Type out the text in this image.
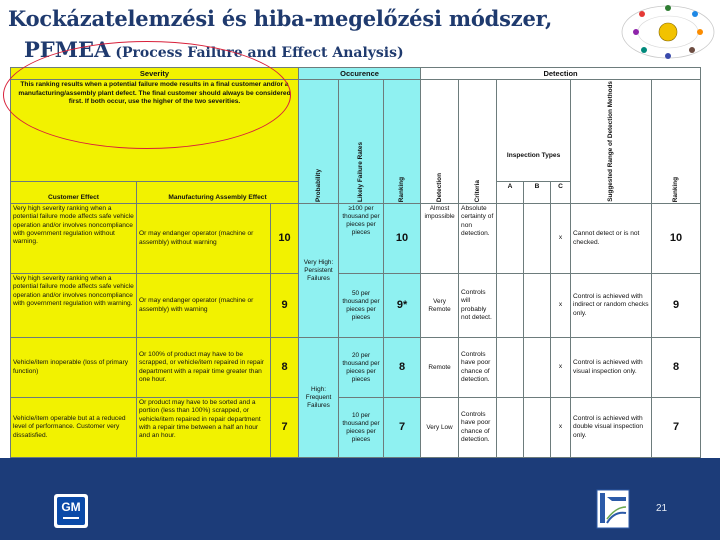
Kockázatelemzési és hiba-megelőzési módszer,
PFMEA (Process Failure and Effect Analysis)
Severity			Occurence			Detection						

This ranking results when a potential failure mode results in a final customer and/or a manufacturing/assembly plant defect. The final customer should always be considered first. If both occur, use the higher of the two severities.			Probability	Likely Failure Rates	Ranking	Detection	Criteria				Suggested Range of Detection Methods	Ranking

								Inspection Types				
Customer Effect	Manufacturing Assembly Effect							A	B	C		
Very high severity ranking when a potential failure mode affects safe vehicle operation and/or involves noncompliance with government regulation without warning.	Or may endanger operator (machine or assembly) without warning	10	Very High: Persistent Failures	≥100 per thousand per pieces per pieces	10	Almost impossible	Absolute certainty of non detection.			x	Cannot detect or is not checked.	10
Very high severity ranking when a potential failure mode affects safe vehicle operation and/or involves noncompliance with government regulation with warning.	Or may endanger operator (machine or assembly) with warning	9		50 per thousand per pieces per pieces	9*	Very Remote	Controls will probably not detect.			x	Control is achieved with indirect or random checks only.	9
Vehicle/item inoperable (loss of primary function)	Or 100% of product may have to be scrapped, or vehicle/item repaired in repair department with a repair time greater than one hour.	8	High: Frequent Failures	20 per thousand per pieces per pieces	8	Remote	Controls have poor chance of detection.			x	Control is achieved with visual inspection only.	8
Vehicle/item operable but at a reduced level of performance. Customer very dissatisfied.	Or product may have to be sorted and a portion (less than 100%) scrapped, or vehicle/item repaired in repair department with a repair time between a half an hour and an hour.	7		10 per thousand per pieces per pieces	7	Very Low	Controls have poor chance of detection.			x	Control is achieved with double visual inspection only.	7
GM	21
